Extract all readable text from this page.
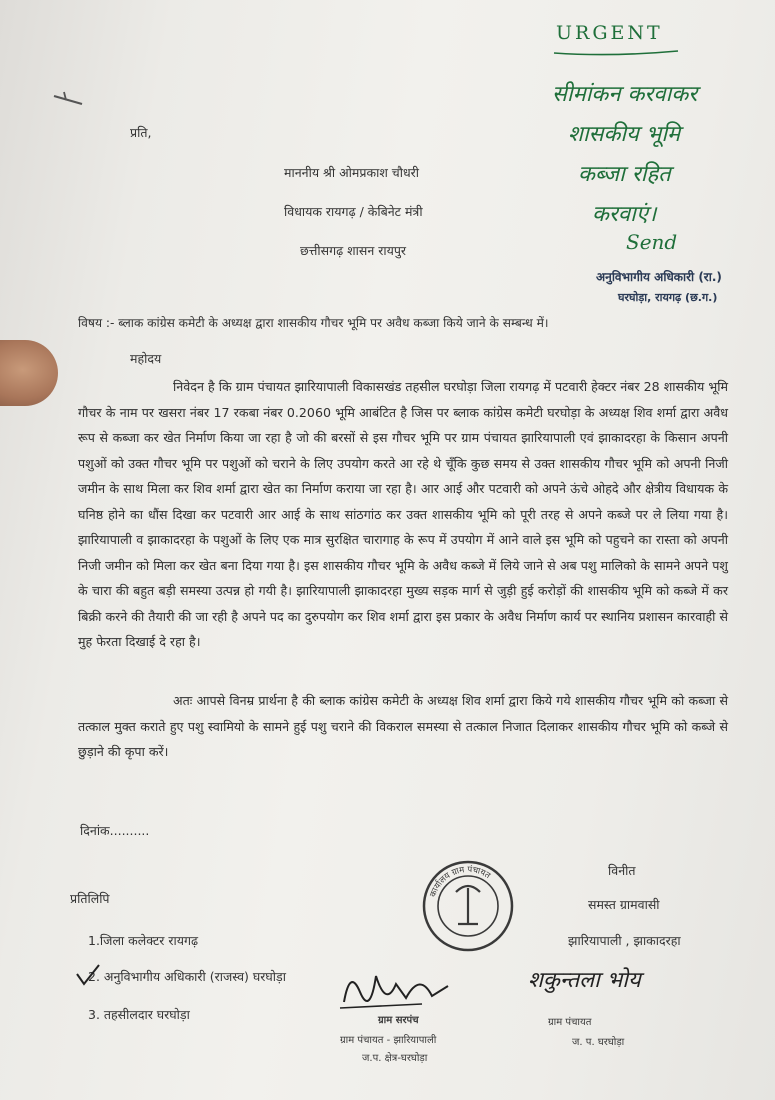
प्रति,
माननीय श्री ओमप्रकाश चौधरी
विधायक रायगढ़ / केबिनेट मंत्री
छत्तीसगढ़ शासन रायपुर
URGENT
सीमांकन करवाकर
शासकीय भूमि
कब्जा रहित
करवाएं।
Send
अनुविभागीय अधिकारी (रा.)
घरघोड़ा, रायगढ़ (छ.ग.)
विषय :- ब्लाक कांग्रेस कमेटी के अध्यक्ष द्वारा शासकीय गौचर भूमि पर अवैध कब्जा किये जाने के सम्बन्ध में।
महोदय
निवेदन है कि ग्राम पंचायत झारियापाली विकासखंड तहसील घरघोड़ा जिला रायगढ़ में पटवारी हेक्टर नंबर 28 शासकीय भूमि गौचर के नाम पर खसरा नंबर 17 रकबा नंबर 0.2060 भूमि आबंटित है जिस पर ब्लाक कांग्रेस कमेटी घरघोड़ा के अध्यक्ष शिव शर्मा द्वारा अवैध रूप से कब्जा कर खेत निर्माण किया जा रहा है जो की बरसों से इस गौचर भूमि पर ग्राम पंचायत झारियापाली एवं झाकादरहा के किसान अपनी पशुओं को उक्त गौचर भूमि पर पशुओं को चराने के लिए उपयोग करते आ रहे थे चूँकि कुछ समय से उक्त शासकीय गौचर भूमि को अपनी निजी जमीन के साथ मिला कर शिव शर्मा द्वारा खेत का निर्माण कराया जा रहा है। आर आई और पटवारी को अपने ऊंचे ओहदे और क्षेत्रीय विधायक के घनिष्ठ होने का धौंस दिखा कर पटवारी आर आई के साथ सांठगांठ कर उक्त शासकीय भूमि को पूरी तरह से अपने कब्जे पर ले लिया गया है। झारियापाली व झाकादरहा के पशुओं के लिए एक मात्र सुरक्षित चारागाह के रूप में उपयोग में आने वाले इस भूमि को पहुचने का रास्ता को अपनी निजी जमीन को मिला कर खेत बना दिया गया है। इस शासकीय गौचर भूमि के अवैध कब्जे में लिये जाने से अब पशु मालिको के सामने अपने पशु के चारा की बहुत बड़ी समस्या उत्पन्न हो गयी है। झारियापाली झाकादरहा मुख्य सड़क मार्ग से जुड़ी हुई करोड़ों की शासकीय भूमि को कब्जे में कर बिक्री करने की तैयारी की जा रही है अपने पद का दुरुपयोग कर शिव शर्मा द्वारा इस प्रकार के अवैध निर्माण कार्य पर स्थानिय प्रशासन कारवाही से मुह फेरता दिखाई दे रहा है।
अतः आपसे विनम्र प्रार्थना है की ब्लाक कांग्रेस कमेटी के अध्यक्ष शिव शर्मा द्वारा किये गये शासकीय गौचर भूमि को कब्जा से तत्काल मुक्त कराते हुए पशु स्वामियो के सामने हुई पशु चराने की विकराल समस्या से तत्काल निजात दिलाकर शासकीय गौचर भूमि को कब्जे से छुड़ाने की कृपा करें।
दिनांक..........
विनीत
समस्त ग्रामवासी
झारियापाली , झाकादरहा
प्रतिलिपि
1.जिला कलेक्टर रायगढ़
2. अनुविभागीय अधिकारी (राजस्व) घरघोड़ा
3. तहसीलदार घरघोड़ा
कार्यालय ग्राम पंचायत
ग्राम सरपंच
ग्राम पंचायत - झारियापाली
ज.प. क्षेत्र-घरघोड़ा
शकुन्तला भोय
ग्राम पंचायत
ज. प. घरघोड़ा
